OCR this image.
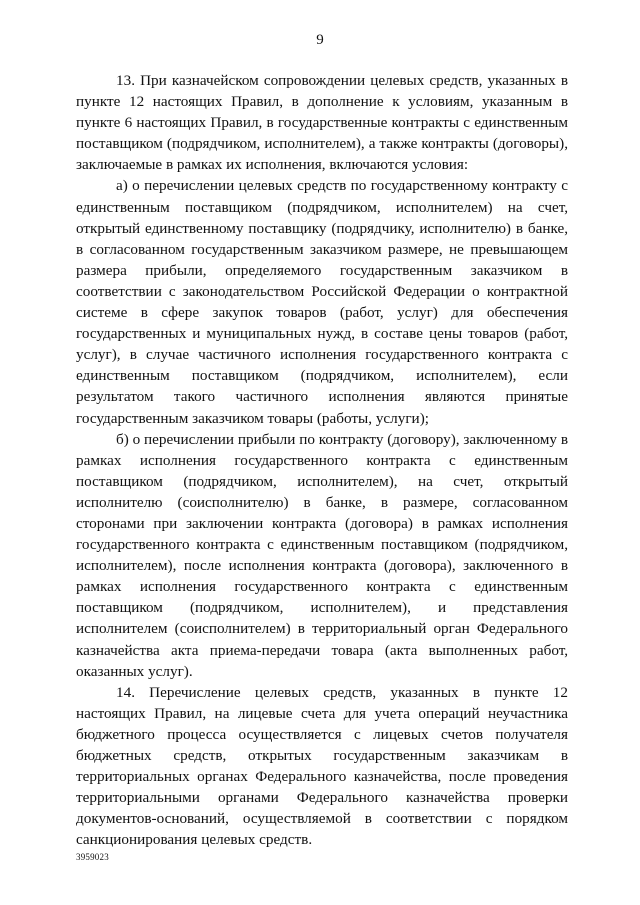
9

13. При казначейском сопровождении целевых средств, указанных в пункте 12 настоящих Правил, в дополнение к условиям, указанным в пункте 6 настоящих Правил, в государственные контракты с единственным поставщиком (подрядчиком, исполнителем), а также контракты (договоры), заключаемые в рамках их исполнения, включаются условия:

а) о перечислении целевых средств по государственному контракту с единственным поставщиком (подрядчиком, исполнителем) на счет, открытый единственному поставщику (подрядчику, исполнителю) в банке, в согласованном государственным заказчиком размере, не превышающем размера прибыли, определяемого государственным заказчиком в соответствии с законодательством Российской Федерации о контрактной системе в сфере закупок товаров (работ, услуг) для обеспечения государственных и муниципальных нужд, в составе цены товаров (работ, услуг), в случае частичного исполнения государственного контракта с единственным поставщиком (подрядчиком, исполнителем), если результатом такого частичного исполнения являются принятые государственным заказчиком товары (работы, услуги);

б) о перечислении прибыли по контракту (договору), заключенному в рамках исполнения государственного контракта с единственным поставщиком (подрядчиком, исполнителем), на счет, открытый исполнителю (соисполнителю) в банке, в размере, согласованном сторонами при заключении контракта (договора) в рамках исполнения государственного контракта с единственным поставщиком (подрядчиком, исполнителем), после исполнения контракта (договора), заключенного в рамках исполнения государственного контракта с единственным поставщиком (подрядчиком, исполнителем), и представления исполнителем (соисполнителем) в территориальный орган Федерального казначейства акта приема-передачи товара (акта выполненных работ, оказанных услуг).

14. Перечисление целевых средств, указанных в пункте 12 настоящих Правил, на лицевые счета для учета операций неучастника бюджетного процесса осуществляется с лицевых счетов получателя бюджетных средств, открытых государственным заказчикам в территориальных органах Федерального казначейства, после проведения территориальными органами Федерального казначейства проверки документов-оснований, осуществляемой в соответствии с порядком санкционирования целевых средств.

3959023
